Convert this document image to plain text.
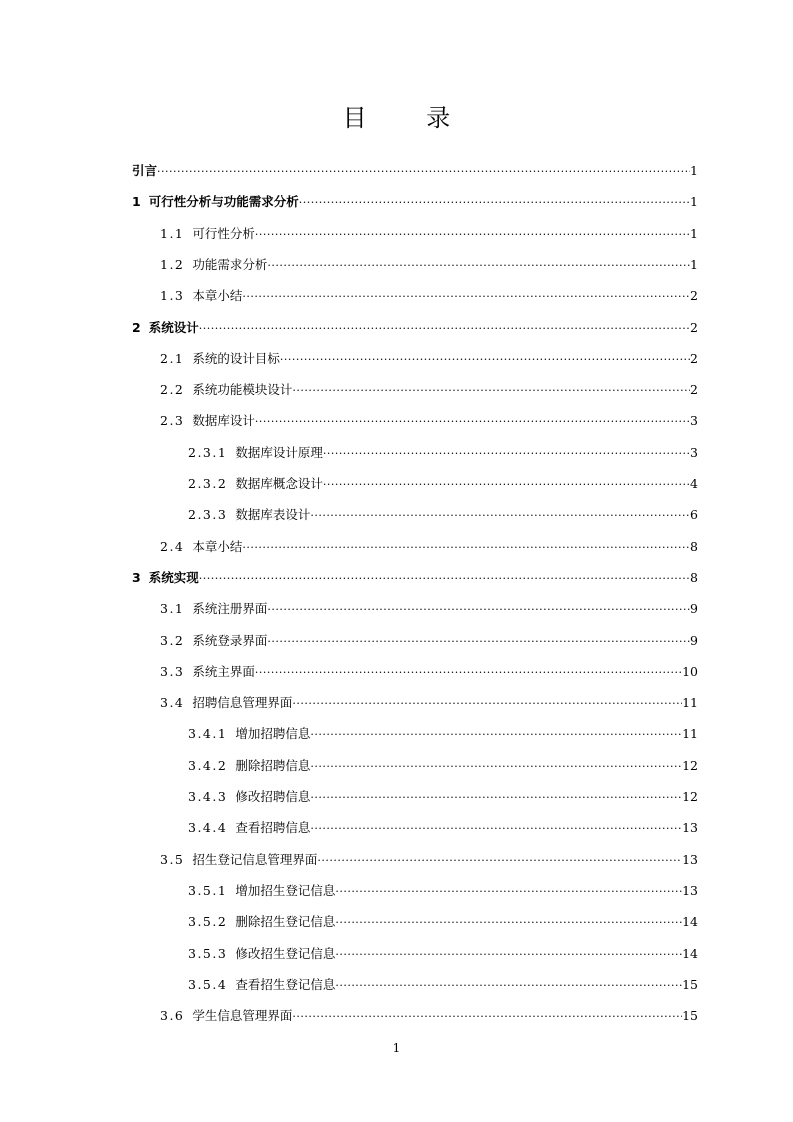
目 录
引言 ·····	1
1 可行性分析与功能需求分析 ·····	1
1.1 可行性分析 ·····	1
1.2 功能需求分析 ·····	1
1.3 本章小结 ·····	2
2 系统设计 ·····	2
2.1 系统的设计目标 ·····	2
2.2 系统功能模块设计 ·····	2
2.3 数据库设计 ·····	3
2.3.1 数据库设计原理 ·····	3
2.3.2 数据库概念设计 ·····	4
2.3.3 数据库表设计 ·····	6
2.4 本章小结 ·····	8
3 系统实现 ·····	8
3.1 系统注册界面 ·····	9
3.2 系统登录界面 ·····	9
3.3 系统主界面 ·····	10
3.4 招聘信息管理界面 ·····	11
3.4.1 增加招聘信息 ·····	11
3.4.2 删除招聘信息 ·····	12
3.4.3 修改招聘信息 ·····	12
3.4.4 查看招聘信息 ·····	13
3.5 招生登记信息管理界面 ·····	13
3.5.1 增加招生登记信息 ·····	13
3.5.2 删除招生登记信息 ·····	14
3.5.3 修改招生登记信息 ·····	14
3.5.4 查看招生登记信息 ·····	15
3.6 学生信息管理界面 ·····	15
1
